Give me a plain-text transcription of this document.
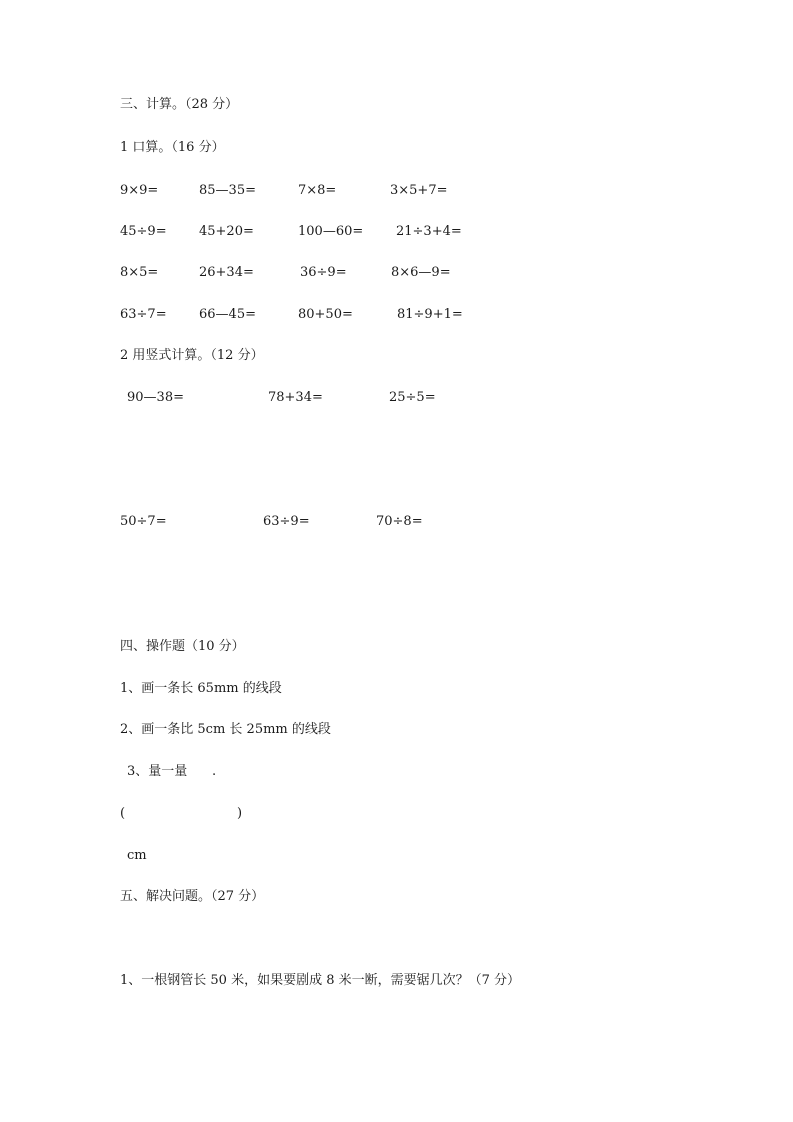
三、计算。（28 分）
1 口算。（16 分）
9×9=	85—35=	7×8=	3×5+7=
45÷9= 45+20=	100—60=	21÷3+4=
8×5=	26+34=	36÷9=	8×6—9=
63÷7= 66—45=	80+50=	81÷9+1=
2 用竖式计算。（12 分）
90—38=	78+34=	25÷5=
50÷7=	63÷9=	70÷8=
四、操作题（10 分）
1、画一条长 65mm 的线段
2、画一条比 5cm 长 25mm 的线段
3、量一量 .
(	)
cm
五、解决问题。（27 分）
1、一根钢管长 50 米，如果要剧成 8 米一断，需要锯几次？（7 分）
